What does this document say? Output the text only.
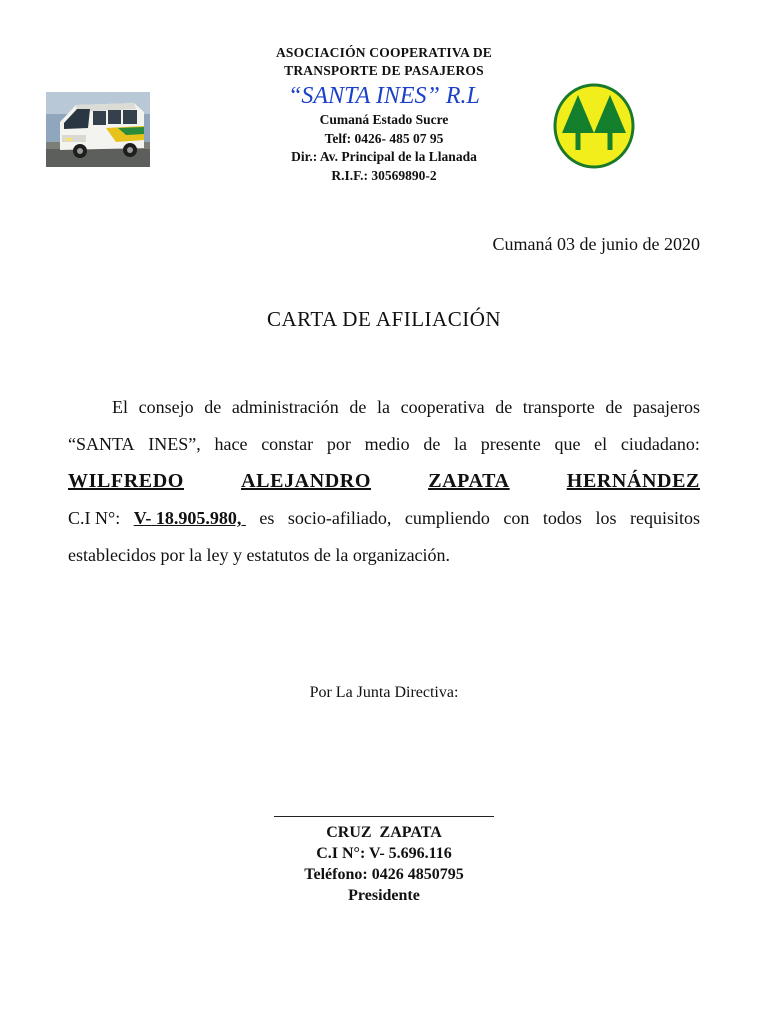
ASOCIACIÓN COOPERATIVA DE
TRANSPORTE DE PASAJEROS
“SANTA INES” R.L
Cumaná Estado Sucre
Telf: 0426- 485 07 95
Dir.: Av. Principal de la Llanada
R.I.F.: 30569890-2
Cumaná 03 de junio de 2020
CARTA DE AFILIACIÓN
El consejo de administración de la cooperativa de transporte de pasajeros
“SANTA INES”, hace constar por medio de la presente que el ciudadano:
WILFREDO	ALEJANDRO	ZAPATA	HERNÁNDEZ
C.I N°: V- 18.905.980, es socio-afiliado, cumpliendo con todos los requisitos
establecidos por la ley y estatutos de la organización.
Por La Junta Directiva:
CRUZ  ZAPATA
C.I N°: V- 5.696.116
Teléfono: 0426 4850795
Presidente
